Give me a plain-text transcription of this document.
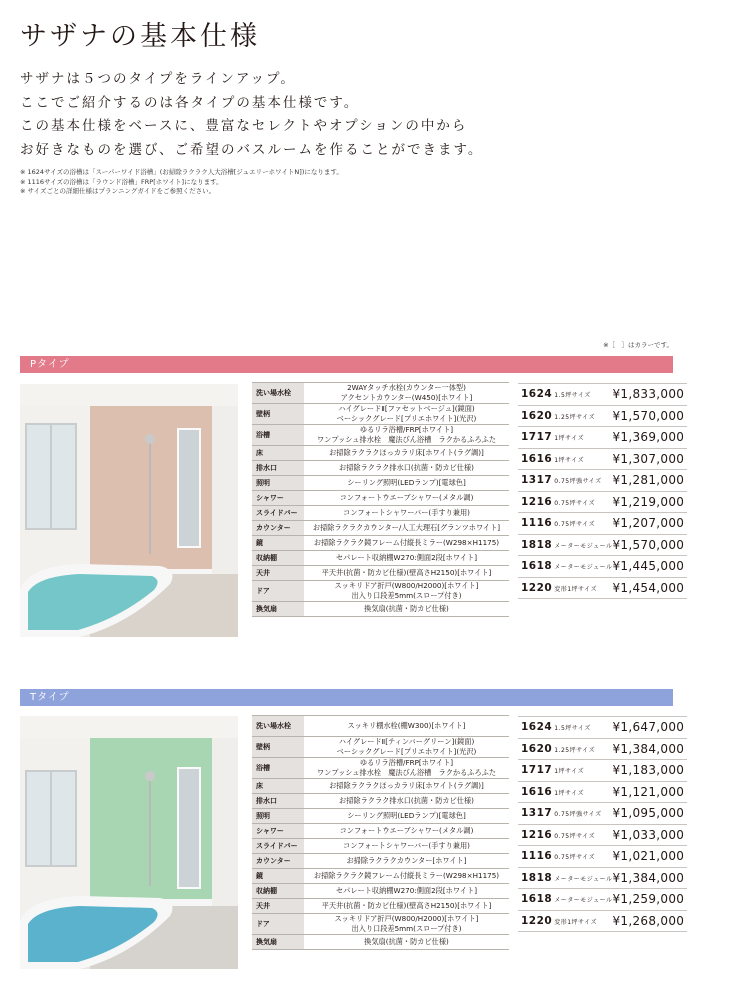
サザナの基本仕様
サザナは５つのタイプをラインアップ。
ここでご紹介するのは各タイプの基本仕様です。
この基本仕様をベースに、豊富なセレクトやオプションの中から
お好きなものを選び、ご希望のバスルームを作ることができます。
※ 1624サイズの浴槽は「スーパーワイド浴槽」(お掃除ラクラク人大浴槽[ジュエリーホワイトN])になります。
※ 1116サイズの浴槽は「ラウンド浴槽」FRP[ホワイト]になります。
※ サイズごとの詳細仕様はプランニングガイドをご参照ください。
※［　］はカラーです。
Pタイプ
洗い場水栓	2WAYタッチ水栓(カウンター一体型)
アクセントカウンター(W450)[ホワイト]
壁柄	ハイグレードⅡ[ファセットベージュ](鏡面)
ベーシックグレード[プリエホワイト](光沢)
浴槽	ゆるリラ浴槽/FRP[ホワイト]
ワンプッシュ排水栓　魔法びん浴槽　ラクかるふろふた
床	お掃除ラクラクほっカラリ床[ホワイト(ラグ調)]
排水口	お掃除ラクラク排水口(抗菌・防カビ仕様)
照明	シーリング照明(LEDランプ)[電球色]
シャワー	コンフォートウエーブシャワー(メタル調)
スライドバー	コンフォートシャワーバー(手すり兼用)
カウンター	お掃除ラクラクカウンター/人工大理石[グランツホワイト]
鏡	お掃除ラクラク鏡フレーム付縦長ミラー(W298×H1175)
収納棚	セパレート収納棚W270:側面2段[ホワイト]
天井	平天井(抗菌・防カビ仕様)(壁高さH2150)[ホワイト]
ドア	スッキリドア折戸(W800/H2000)[ホワイト]
出入り口段差5mm(スロープ付き)
換気扇	換気扇(抗菌・防カビ仕様)
1624 1.5坪サイズ	¥1,833,000
1620 1.25坪サイズ	¥1,570,000
1717 1坪サイズ	¥1,369,000
1616 1坪サイズ	¥1,307,000
1317 0.75坪強サイズ	¥1,281,000
1216 0.75坪サイズ	¥1,219,000
1116 0.75坪サイズ	¥1,207,000
1818 メーターモジュール	¥1,570,000
1618 メーターモジュール	¥1,445,000
1220 変形1坪サイズ	¥1,454,000
Tタイプ
洗い場水栓	スッキリ棚水栓(棚W300)[ホワイト]
壁柄	ハイグレードⅡ[ティンバーグリーン](鏡面)
ベーシックグレード[プリエホワイト](光沢)
浴槽	ゆるリラ浴槽/FRP[ホワイト]
ワンプッシュ排水栓　魔法びん浴槽　ラクかるふろふた
床	お掃除ラクラクほっカラリ床[ホワイト(ラグ調)]
排水口	お掃除ラクラク排水口(抗菌・防カビ仕様)
照明	シーリング照明(LEDランプ)[電球色]
シャワー	コンフォートウエーブシャワー(メタル調)
スライドバー	コンフォートシャワーバー(手すり兼用)
カウンター	お掃除ラクラクカウンター[ホワイト]
鏡	お掃除ラクラク鏡フレーム付縦長ミラー(W298×H1175)
収納棚	セパレート収納棚W270:側面2段[ホワイト]
天井	平天井(抗菌・防カビ仕様)(壁高さH2150)[ホワイト]
ドア	スッキリドア折戸(W800/H2000)[ホワイト]
出入り口段差5mm(スロープ付き)
換気扇	換気扇(抗菌・防カビ仕様)
1624 1.5坪サイズ	¥1,647,000
1620 1.25坪サイズ	¥1,384,000
1717 1坪サイズ	¥1,183,000
1616 1坪サイズ	¥1,121,000
1317 0.75坪強サイズ	¥1,095,000
1216 0.75坪サイズ	¥1,033,000
1116 0.75坪サイズ	¥1,021,000
1818 メーターモジュール	¥1,384,000
1618 メーターモジュール	¥1,259,000
1220 変形1坪サイズ	¥1,268,000
